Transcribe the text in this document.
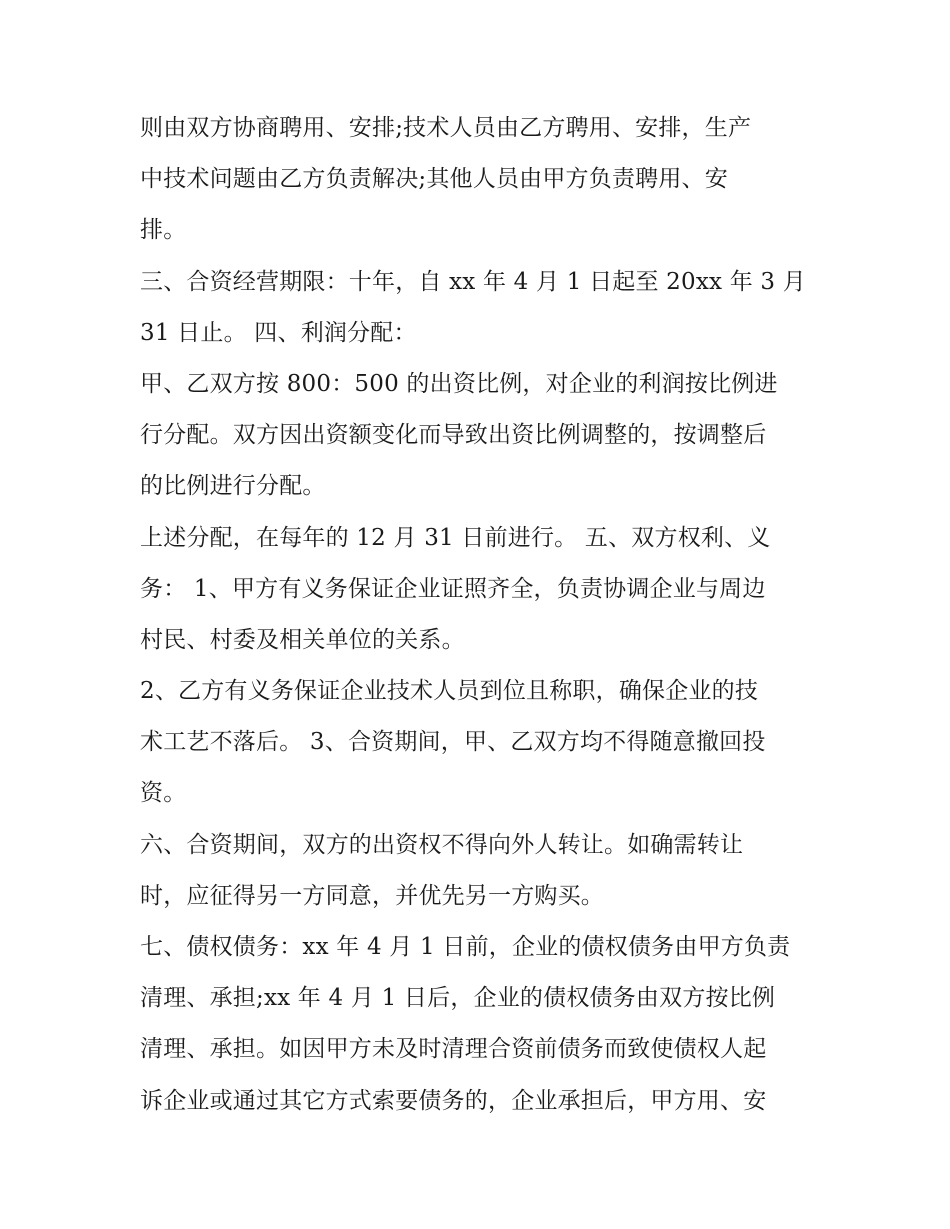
则由双方协商聘用、安排;技术人员由乙方聘用、安排，生产
中技术问题由乙方负责解决;其他人员由甲方负责聘用、安
排。
三、合资经营期限：十年，自 xx 年 4 月 1 日起至 20xx 年 3 月
31 日止。 四、利润分配：
甲、乙双方按 800：500 的出资比例，对企业的利润按比例进
行分配。双方因出资额变化而导致出资比例调整的，按调整后
的比例进行分配。
上述分配，在每年的 12 月 31 日前进行。 五、双方权利、义
务： 1、甲方有义务保证企业证照齐全，负责协调企业与周边
村民、村委及相关单位的关系。
2、乙方有义务保证企业技术人员到位且称职，确保企业的技
术工艺不落后。 3、合资期间，甲、乙双方均不得随意撤回投
资。
六、合资期间，双方的出资权不得向外人转让。如确需转让
时，应征得另一方同意，并优先另一方购买。
七、债权债务：xx 年 4 月 1 日前，企业的债权债务由甲方负责
清理、承担;xx 年 4 月 1 日后，企业的债权债务由双方按比例
清理、承担。如因甲方未及时清理合资前债务而致使债权人起
诉企业或通过其它方式索要债务的，企业承担后，甲方用、安
